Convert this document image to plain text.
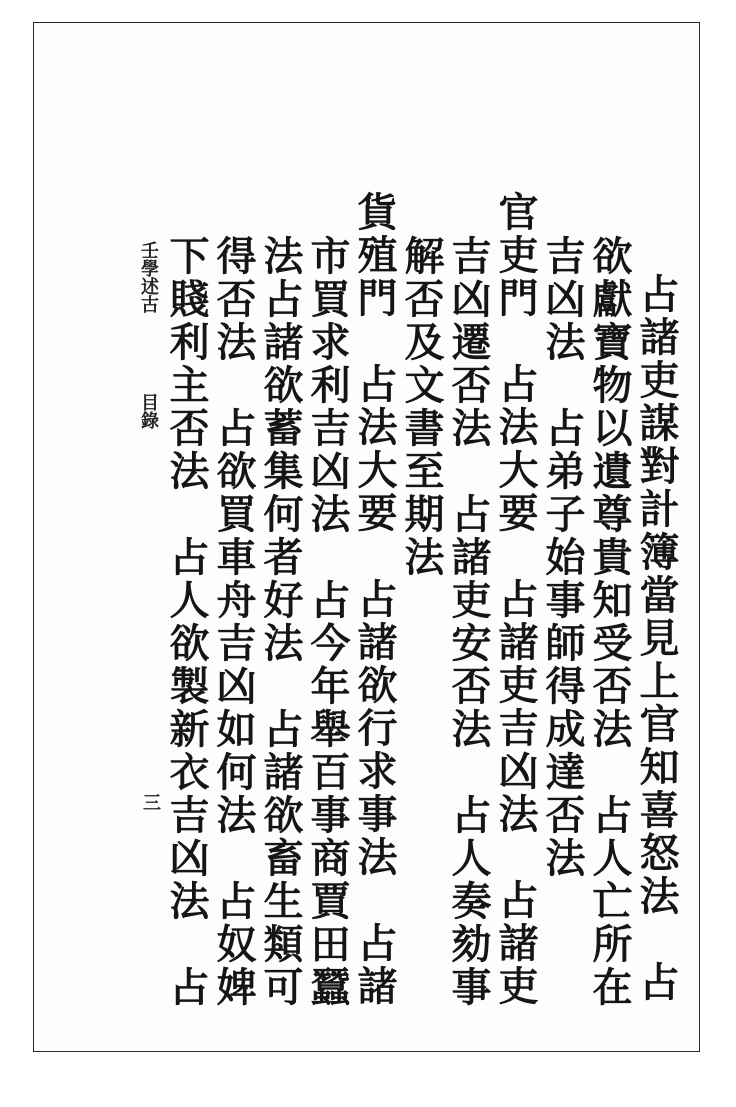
占諸吏謀對計簿當見上官知喜怒法　占
欲獻寶物以遺尊貴知受否法　占人亡所在
吉凶法　占弟子始事師得成達否法
官吏門　占法大要　占諸吏吉凶法　占諸吏
吉凶遷否法　占諸吏安否法　占人奏劾事
解否及文書至期法
貨殖門　占法大要　占諸欲行求事法　占諸
市買求利吉凶法　占今年舉百事商賈田蠶
法占諸欲蓄集何者好法　占諸欲畜生類可
得否法　占欲買車舟吉凶如何法　占奴婢
下賤利主否法　占人欲製新衣吉凶法　占
壬學述古
目錄
三
